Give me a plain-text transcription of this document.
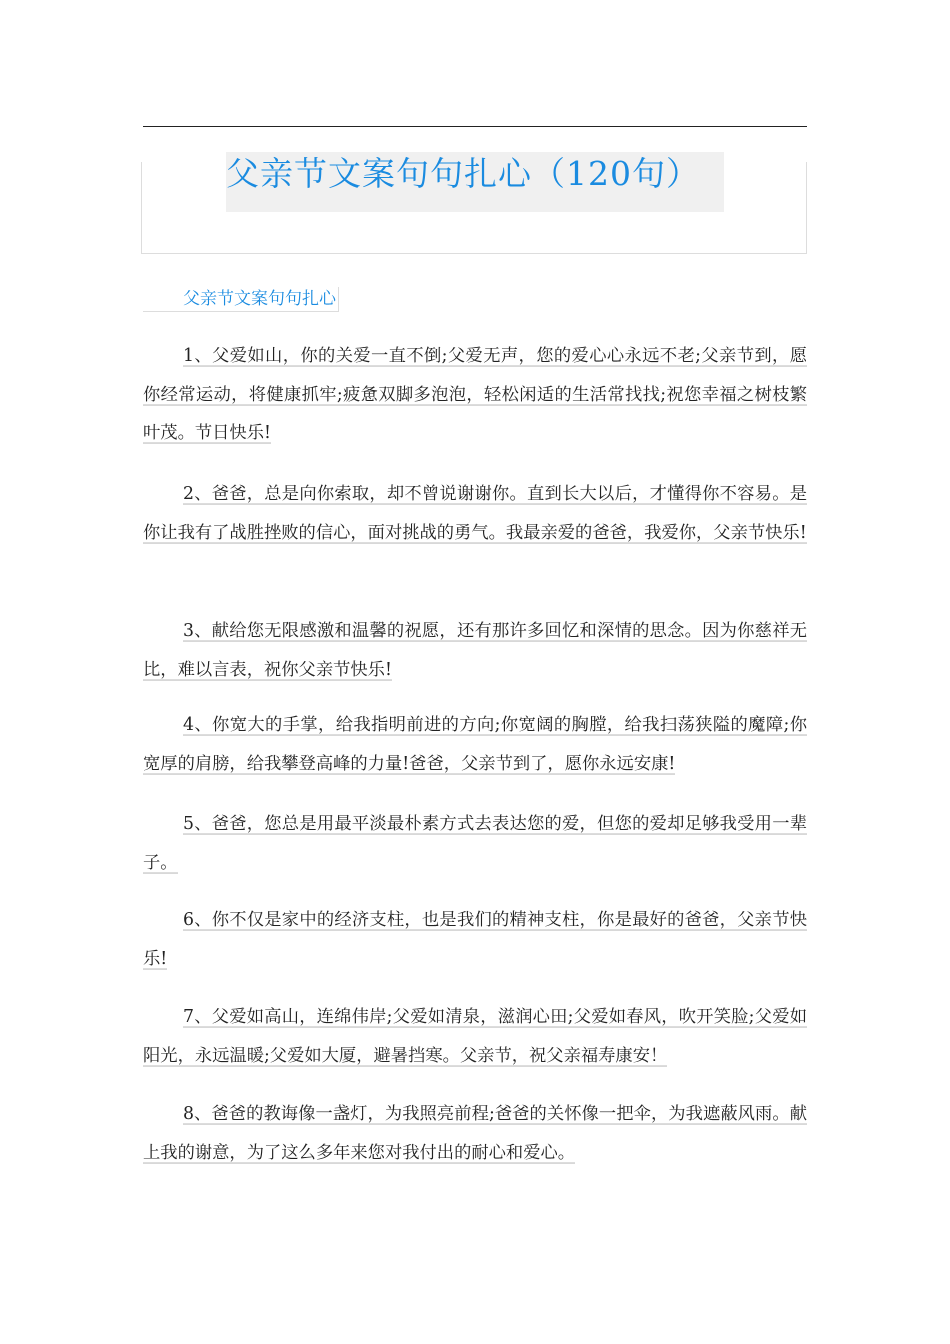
父亲节文案句句扎心（120句）
父亲节文案句句扎心
1、父爱如山，你的关爱一直不倒;父爱无声，您的爱心心永远不老;父亲节到，愿你经常运动，将健康抓牢;疲惫双脚多泡泡，轻松闲适的生活常找找;祝您幸福之树枝繁叶茂。节日快乐!
2、爸爸，总是向你索取，却不曾说谢谢你。直到长大以后，才懂得你不容易。是你让我有了战胜挫败的信心，面对挑战的勇气。我最亲爱的爸爸，我爱你，父亲节快乐!
3、献给您无限感激和温馨的祝愿，还有那许多回忆和深情的思念。因为你慈祥无比，难以言表，祝你父亲节快乐!
4、你宽大的手掌，给我指明前进的方向;你宽阔的胸膛，给我扫荡狭隘的魔障;你宽厚的肩膀，给我攀登高峰的力量!爸爸，父亲节到了，愿你永远安康!
5、爸爸，您总是用最平淡最朴素方式去表达您的爱，但您的爱却足够我受用一辈子。
6、你不仅是家中的经济支柱，也是我们的精神支柱，你是最好的爸爸，父亲节快乐!
7、父爱如高山，连绵伟岸;父爱如清泉，滋润心田;父爱如春风，吹开笑脸;父爱如阳光，永远温暖;父爱如大厦，避暑挡寒。父亲节，祝父亲福寿康安！
8、爸爸的教诲像一盏灯，为我照亮前程;爸爸的关怀像一把伞，为我遮蔽风雨。献上我的谢意，为了这么多年来您对我付出的耐心和爱心。
